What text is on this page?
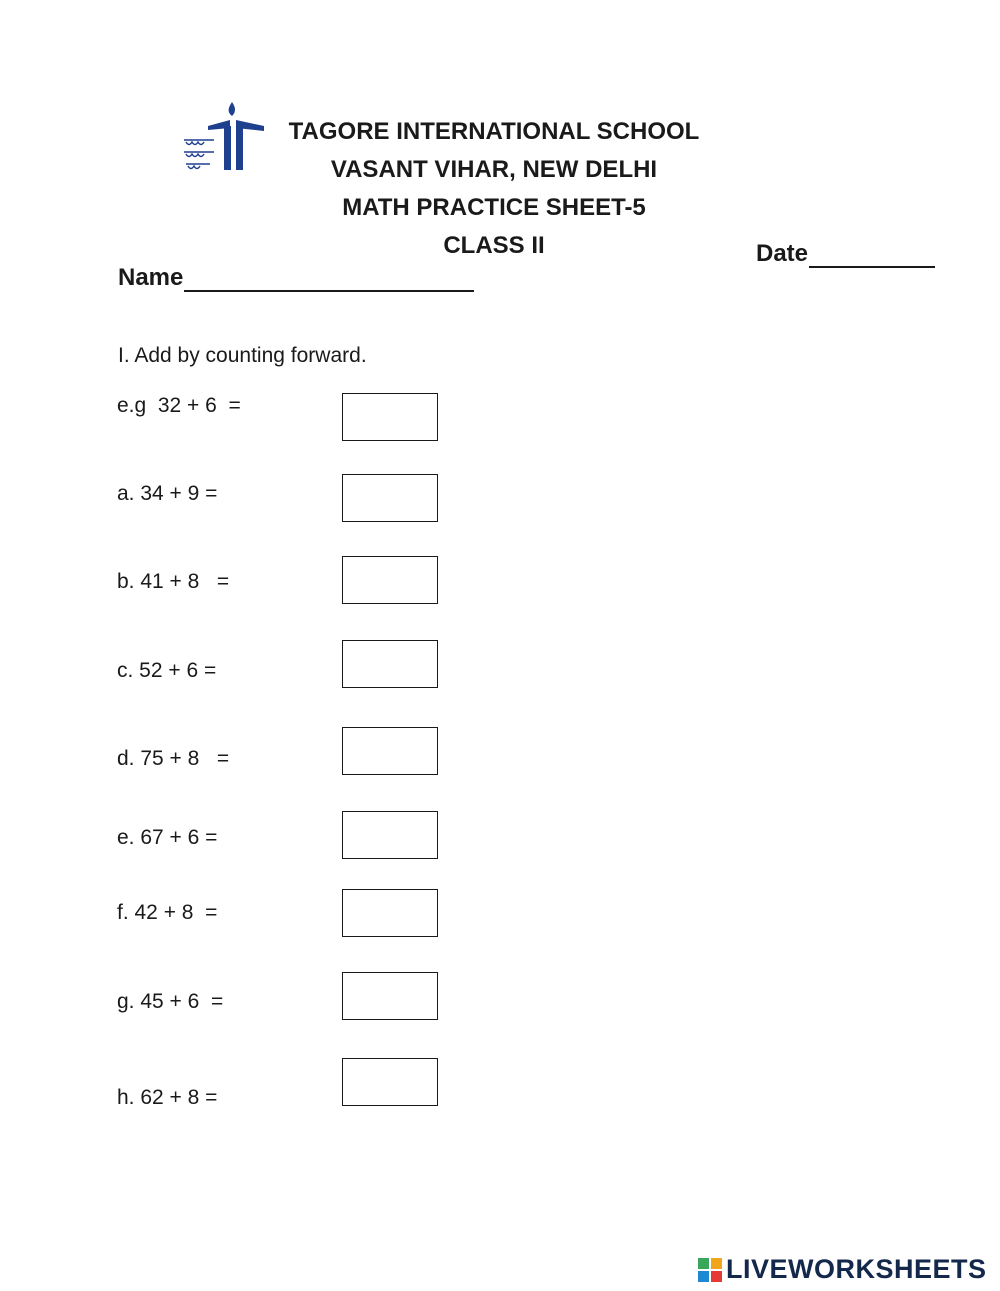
TAGORE INTERNATIONAL SCHOOL
VASANT VIHAR, NEW DELHI
MATH PRACTICE SHEET-5
CLASS II
Name
Date
I. Add by counting forward.
e.g  32 + 6  =
a. 34 + 9 =
b. 41 + 8   =
c. 52 + 6 =
d. 75 + 8   =
e. 67 + 6 =
f. 42 + 8  =
g. 45 + 6  =
h. 62 + 8 =
LIVEWORKSHEETS
